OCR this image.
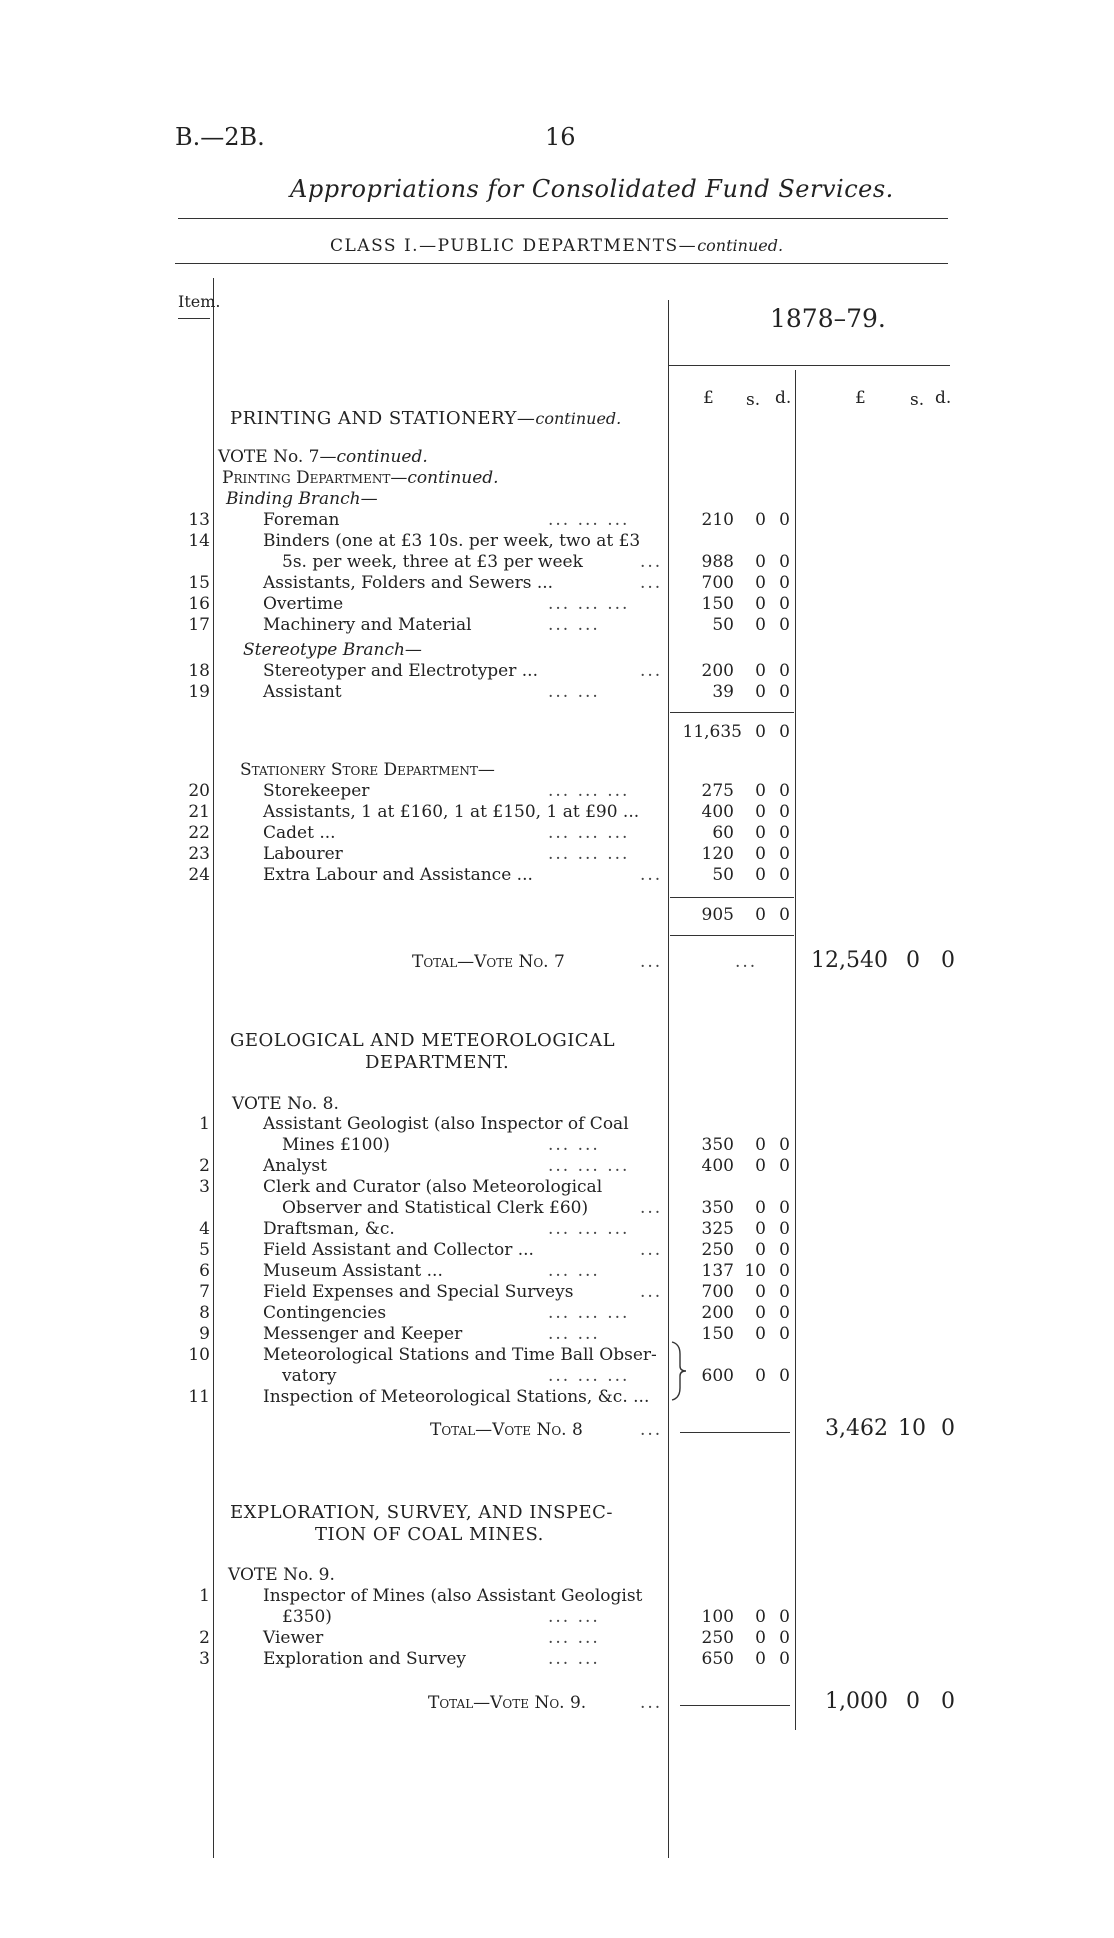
B.—2B.	16
Appropriations for Consolidated Fund Services.
CLASS I.—PUBLIC DEPARTMENTS—continued.
Item.
1878–79.
£ s. d.	£	s. d.
PRINTING AND STATIONERY—continued.
VOTE No. 7—continued.
Printing Department—continued.
Binding Branch—
13	Foreman	... ... ...	210	0 0
14	Binders (one at £3 10s. per week, two at £3
5s. per week, three at £3 per week	...	988	0 0
15	Assistants, Folders and Sewers ...	...	700	0 0
16	Overtime	... ... ...	150	0 0
17	Machinery and Material	... ...	50	0 0
Stereotype Branch—
18	Stereotyper and Electrotyper ...	...	200	0 0
19	Assistant	... ...	39	0 0
11,635 0 0
Stationery Store Department—
20	Storekeeper	... ... ...	275	0 0
21	Assistants, 1 at £160, 1 at £150, 1 at £90 ...	400	0 0
22	Cadet ...	... ... ...	60	0 0
23	Labourer	... ... ...	120	0 0
24	Extra Labour and Assistance ...	...	50	0 0
905	0 0
Total—Vote No. 7	...	...	12,540 0 0
GEOLOGICAL AND METEOROLOGICAL
DEPARTMENT.
VOTE No. 8.
1	Assistant Geologist (also Inspector of Coal
Mines £100)	... ...	350	0 0
2	Analyst	... ... ...	400	0 0
3	Clerk and Curator (also Meteorological
Observer and Statistical Clerk £60)	...	350	0 0
4	Draftsman, &c.	... ... ...	325	0 0
5	Field Assistant and Collector ...	...	250	0 0
6	Museum Assistant ...	... ...	137 10 0
7	Field Expenses and Special Surveys	...	700	0 0
8	Contingencies	... ... ...	200	0 0
9	Messenger and Keeper	... ...	150	0 0
10	Meteorological Stations and Time Ball Obser-
vatory	... ... ...	600	0 0
11	Inspection of Meteorological Stations, &c. ...
Total—Vote No. 8	...	3,462 10 0
EXPLORATION, SURVEY, AND INSPEC-
TION OF COAL MINES.
VOTE No. 9.
1	Inspector of Mines (also Assistant Geologist
£350)	... ...	100	0 0
2	Viewer	... ...	250	0 0
3	Exploration and Survey	... ...	650	0 0
Total—Vote No. 9.	...	1,000 0 0
